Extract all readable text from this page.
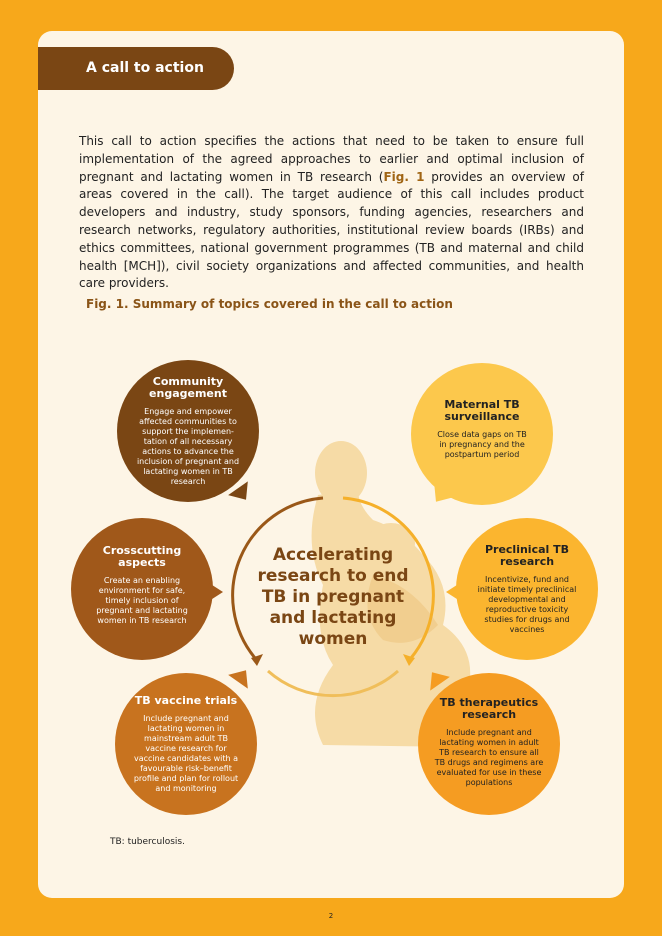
A call to action

This call to action specifies the actions that need to be taken to ensure full implementation of the agreed approaches to earlier and optimal inclusion of pregnant and lactating women in TB research (Fig. 1 provides an overview of areas covered in the call). The target audience of this call includes product developers and industry, study sponsors, funding agencies, researchers and research networks, regulatory authorities, institutional review boards (IRBs) and ethics committees, national government programmes (TB and maternal and child health [MCH]), civil society organizations and affected communities, and health care providers.

Fig. 1. Summary of topics covered in the call to action

Accelerating research to end TB in pregnant and lactating women
Community engagement

Engage and empower affected communities to support the implemen-tation of all necessary actions to advance the inclusion of pregnant and lactating women in TB research

Maternal TB surveillance

Close data gaps on TB in pregnancy and the postpartum period

Crosscutting aspects

Create an enabling environment for safe, timely inclusion of pregnant and lactating women in TB research

Preclinical TB research

Incentivize, fund and initiate timely preclinical developmental and reproductive toxicity studies for drugs and vaccines

TB vaccine trials

Include pregnant and lactating women in mainstream adult TB vaccine research for vaccine candidates with a favourable risk–benefit profile and plan for rollout and monitoring

TB therapeutics research

Include pregnant and lactating women in adult TB research to ensure all TB drugs and regimens are evaluated for use in these populations

TB: tuberculosis.
2
